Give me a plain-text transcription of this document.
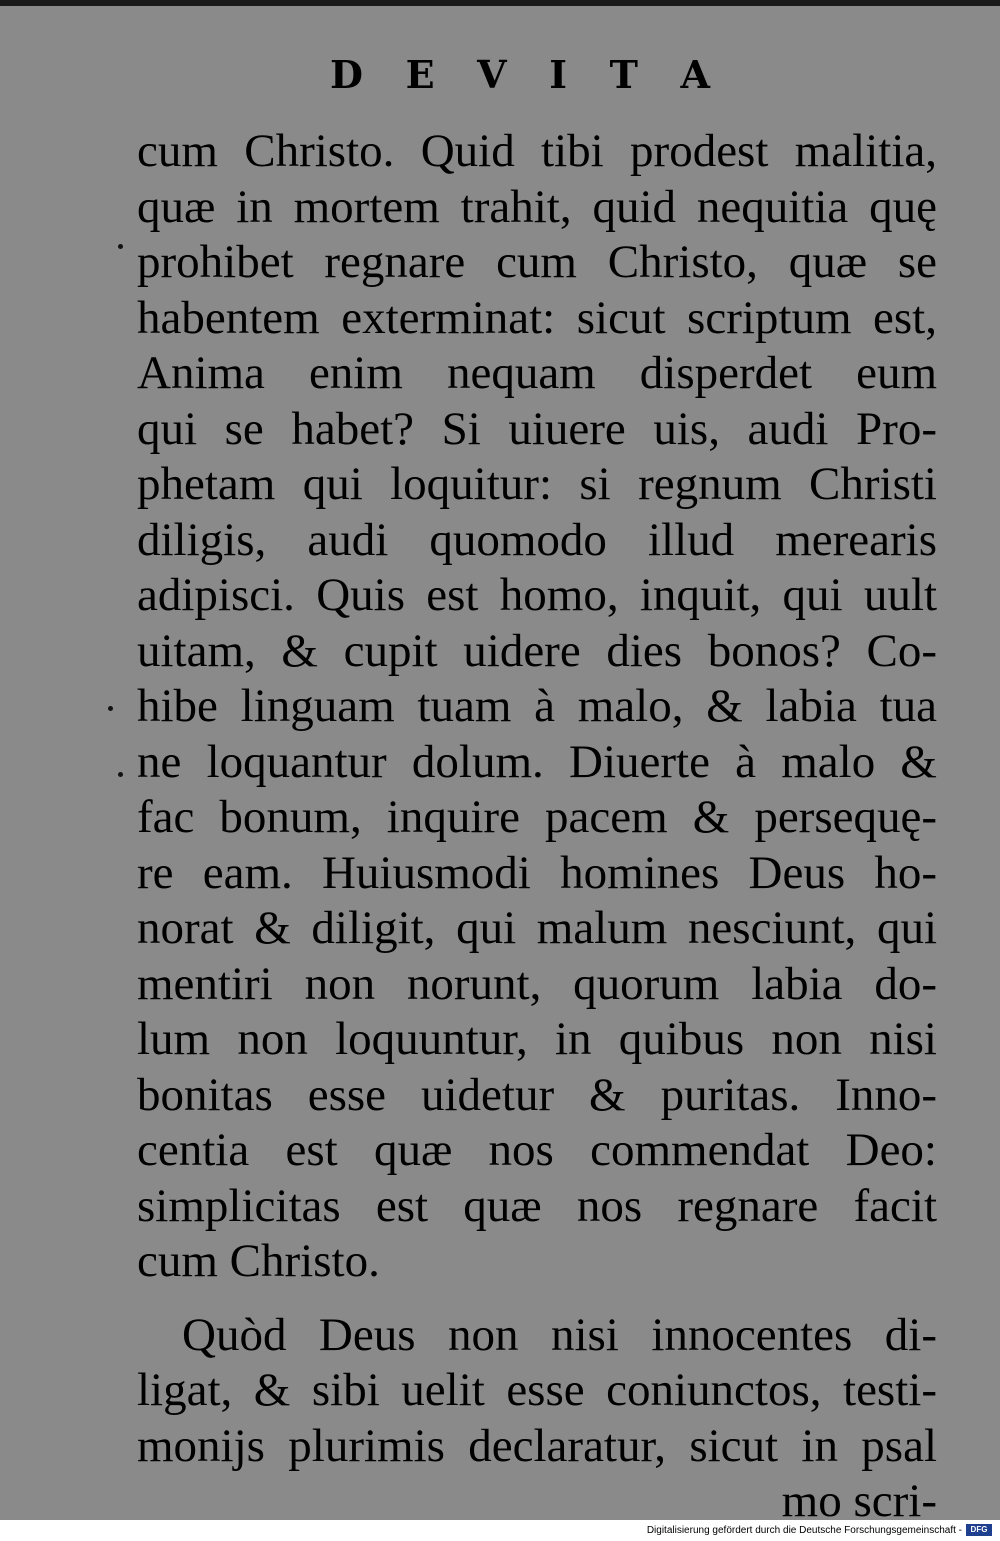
D E V I T A
cum Christo. Quid tibi prodest malitia,
quæ in mortem trahit, quid nequitia quę
prohibet regnare cum Christo, quæ se
habentem exterminat: sicut scriptum est,
Anima enim nequam disperdet eum
qui se habet? Si uiuere uis, audi Pro-
phetam qui loquitur: si regnum Christi
diligis, audi quomodo illud merearis
adipisci. Quis est homo, inquit, qui uult
uitam, & cupit uidere dies bonos? Co-
hibe linguam tuam à malo, & labia tua
ne loquantur dolum. Diuerte à malo &
fac bonum, inquire pacem & persequę-
re eam. Huiusmodi homines Deus ho-
norat & diligit, qui malum nesciunt, qui
mentiri non norunt, quorum labia do-
lum non loquuntur, in quibus non nisi
bonitas esse uidetur & puritas. Inno-
centia est quæ nos commendat Deo:
simplicitas est quæ nos regnare facit
cum Christo.
Quòd Deus non nisi innocentes di-
ligat, & sibi uelit esse coniunctos, testi-
monijs plurimis declaratur, sicut in psal
mo scri-
Digitalisierung gefördert durch die Deutsche Forschungsgemeinschaft -	DFG
